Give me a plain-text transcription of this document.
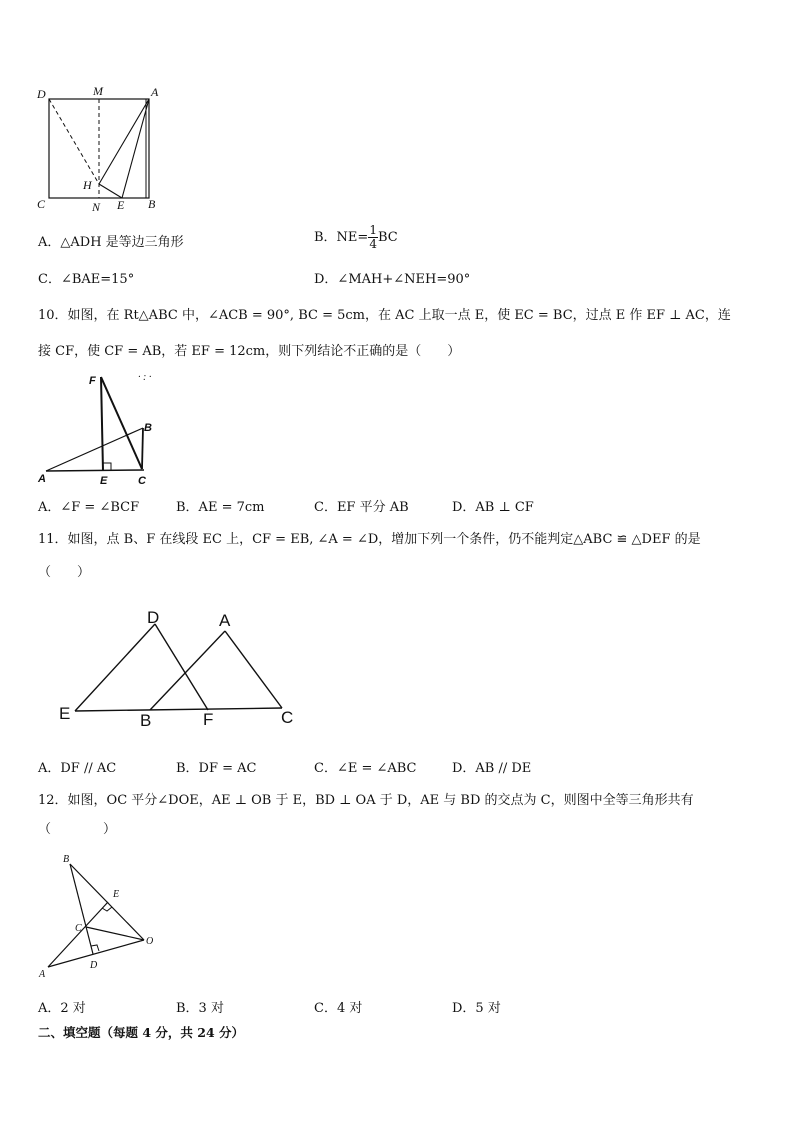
D	M	A
H
C	N E B
A．△ADH 是等边三角形	B．$NE= \frac{1}{4}$ BC
C．∠BAE=15°	D．∠MAH+∠NEH=90°
10．如图，在 Rt△ABC 中，∠ACB = 90°, BC = 5cm，在 AC 上取一点 E，使 EC = BC，过点 E 作 EF ⊥ AC，连
接 CF，使 CF = AB，若 EF = 12cm，则下列结论不正确的是（　　）
F
B
A	E	C
· : ·
A．∠F = ∠BCF	B．AE = 7cm	C．EF 平分 AB	D．AB ⊥ CF
11．如图，点 B、F 在线段 EC 上，CF = EB, ∠A = ∠D，增加下列一个条件，仍不能判定△ABC ≌ △DEF 的是
（　　）
D	A
E	B	F	C
A．DF // AC	B．DF = AC	C．∠E = ∠ABC	D．AB // DE
12．如图，OC 平分∠DOE，AE ⊥ OB 于 E，BD ⊥ OA 于 D，AE 与 BD 的交点为 C，则图中全等三角形共有
（　　　　）
B
E
C
O
A
D
A．2 对	B．3 对	C．4 对	D．5 对
二、填空题（每题 4 分，共 24 分）
